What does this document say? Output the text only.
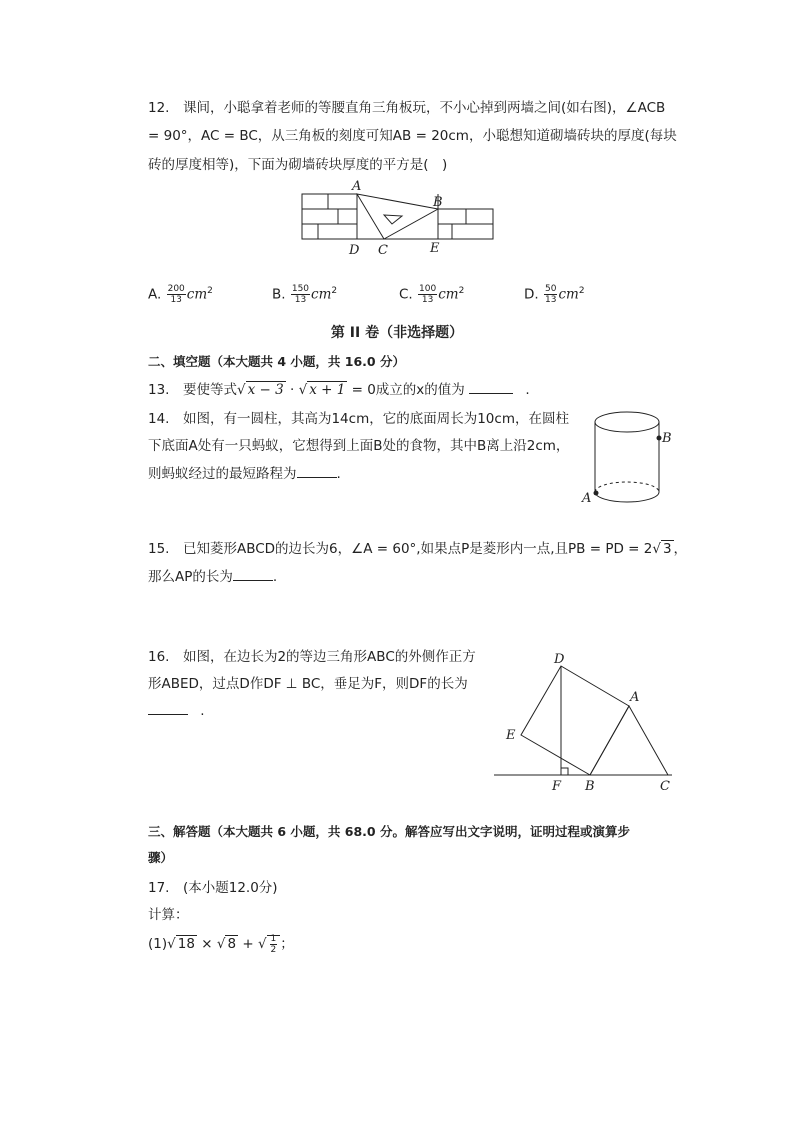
12.　课间，小聪拿着老师的等腰直角三角板玩，不小心掉到两墙之间(如右图)，∠ACB
= 90°，AC = BC，从三角板的刻度可知AB = 20cm，小聪想知道砌墙砖块的厚度(每块
砖的厚度相等)，下面为砌墙砖块厚度的平方是(　)
A
B
D C	E
A. $\frac{200}{13} cm^2$	B. $\frac{150}{13} cm^2$	C. $\frac{100}{13} cm^2$	D. $\frac{50}{13} cm^2$
第 II 卷（非选择题）
二、填空题（本大题共 4 小题，共 16.0 分）
13.　要使等式√ x − 3 · √ x + 1 = 0成立的x的值为	.
14.　如图，有一圆柱，其高为14cm，它的底面周长为10cm，在圆柱
下底面A处有一只蚂蚁，它想得到上面B处的食物，其中B离上沿2cm，
则蚂蚁经过的最短路程为	.
B
A
15.　已知菱形ABCD的边长为6，∠A = 60°,如果点P是菱形内一点,且PB = PD = 2√ 3 ，
那么AP的长为	.
16.　如图，在边长为2的等边三角形ABC的外侧作正方
形ABED，过点D作DF ⊥ BC，垂足为F，则DF的长为
.
D
A
E
F B	C
三、解答题（本大题共 6 小题，共 68.0 分。解答应写出文字说明，证明过程或演算步
骤）
17.　(本小题12.0分)
计算：
(1)√ 18 × √ 8 + √ $\frac{1}{2}$ ；
